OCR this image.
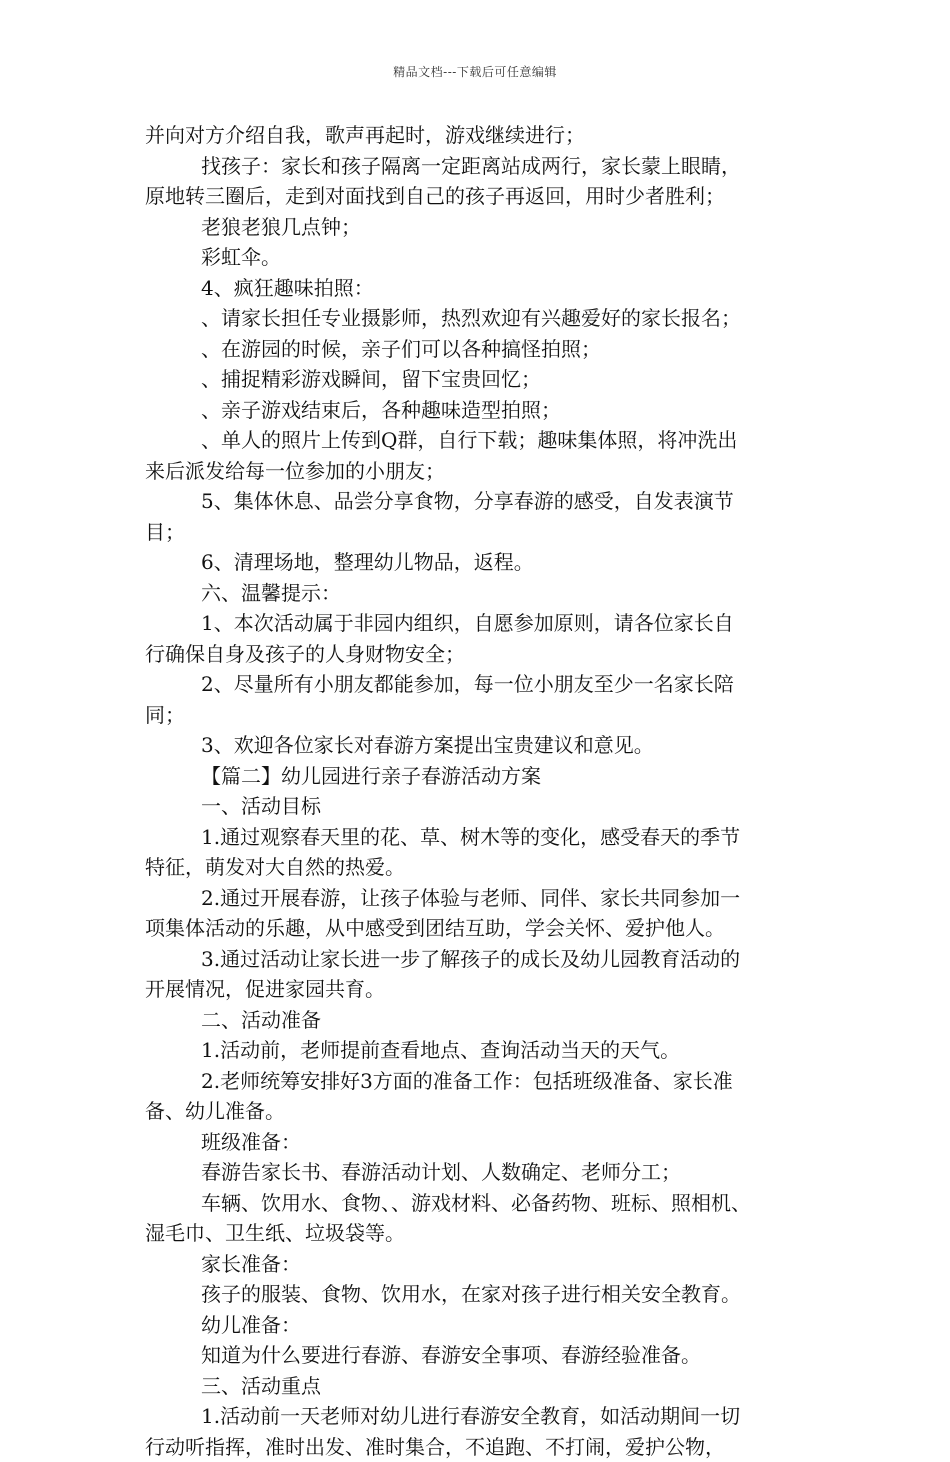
精品文档---下载后可任意编辑
并向对方介绍自我，歌声再起时，游戏继续进行；
找孩子：家长和孩子隔离一定距离站成两行，家长蒙上眼睛，
原地转三圈后，走到对面找到自己的孩子再返回，用时少者胜利；
老狼老狼几点钟；
彩虹伞。
4、疯狂趣味拍照：
、请家长担任专业摄影师，热烈欢迎有兴趣爱好的家长报名；
、在游园的时候，亲子们可以各种搞怪拍照；
、捕捉精彩游戏瞬间，留下宝贵回忆；
、亲子游戏结束后，各种趣味造型拍照；
、单人的照片上传到Q群，自行下载；趣味集体照，将冲洗出
来后派发给每一位参加的小朋友；
5、集体休息、品尝分享食物，分享春游的感受，自发表演节
目；
6、清理场地，整理幼儿物品，返程。
六、温馨提示：
1、本次活动属于非园内组织，自愿参加原则，请各位家长自
行确保自身及孩子的人身财物安全；
2、尽量所有小朋友都能参加，每一位小朋友至少一名家长陪
同；
3、欢迎各位家长对春游方案提出宝贵建议和意见。
【篇二】幼儿园进行亲子春游活动方案
一、活动目标
1.通过观察春天里的花、草、树木等的变化，感受春天的季节
特征，萌发对大自然的热爱。
2.通过开展春游，让孩子体验与老师、同伴、家长共同参加一
项集体活动的乐趣，从中感受到团结互助，学会关怀、爱护他人。
3.通过活动让家长进一步了解孩子的成长及幼儿园教育活动的
开展情况，促进家园共育。
二、活动准备
1.活动前，老师提前查看地点、查询活动当天的天气。
2.老师统筹安排好3方面的准备工作：包括班级准备、家长准
备、幼儿准备。
班级准备：
春游告家长书、春游活动计划、人数确定、老师分工；
车辆、饮用水、食物、、游戏材料、必备药物、班标、照相机、
湿毛巾、卫生纸、垃圾袋等。
家长准备：
孩子的服装、食物、饮用水，在家对孩子进行相关安全教育。
幼儿准备：
知道为什么要进行春游、春游安全事项、春游经验准备。
三、活动重点
1.活动前一天老师对幼儿进行春游安全教育，如活动期间一切
行动听指挥，准时出发、准时集合，不追跑、不打闹，爱护公物，
